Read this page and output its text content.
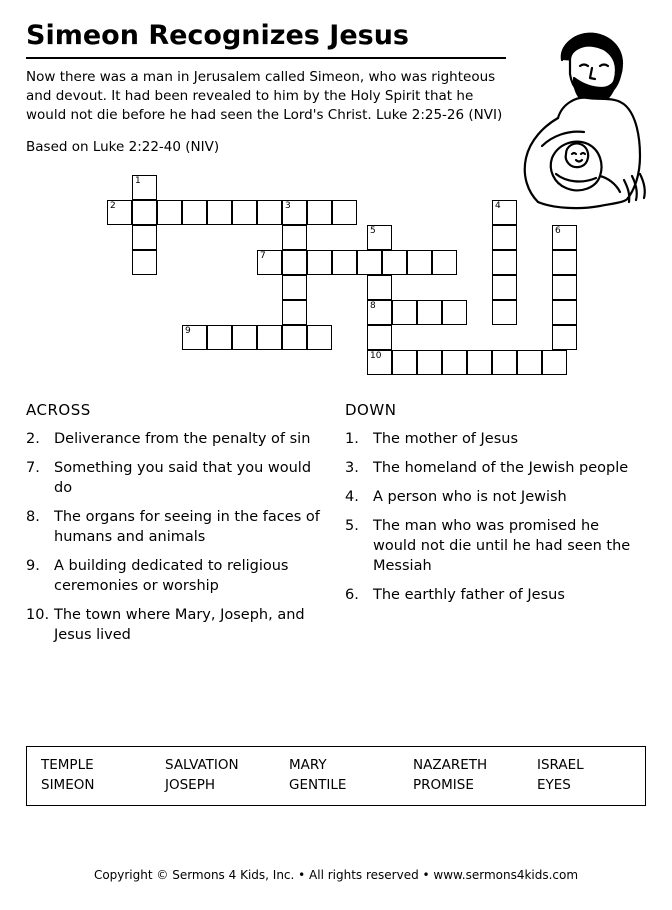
Simeon Recognizes Jesus
Now there was a man in Jerusalem called Simeon, who was righteous and devout. It had been revealed to him by the Holy Spirit that he would not die before he had seen the Lord's Christ. Luke 2:25-26 (NVI)
Based on Luke 2:22-40 (NIV)
1
2	3	4
5	6
7
8
9
10
ACROSS
2. Deliverance from the penalty of sin
7. Something you said that you would do
8. The organs for seeing in the faces of humans and animals
9. A building dedicated to religious ceremonies or worship
10. The town where Mary, Joseph, and Jesus lived
DOWN
1. The mother of Jesus
3. The homeland of the Jewish people
4. A person who is not Jewish
5. The man who was promised he would not die until he had seen the Messiah
6. The earthly father of Jesus
TEMPLE	SALVATION	MARY	NAZARETH	ISRAEL
SIMEON	JOSEPH	GENTILE	PROMISE	EYES
Copyright © Sermons 4 Kids, Inc. • All rights reserved • www.sermons4kids.com
